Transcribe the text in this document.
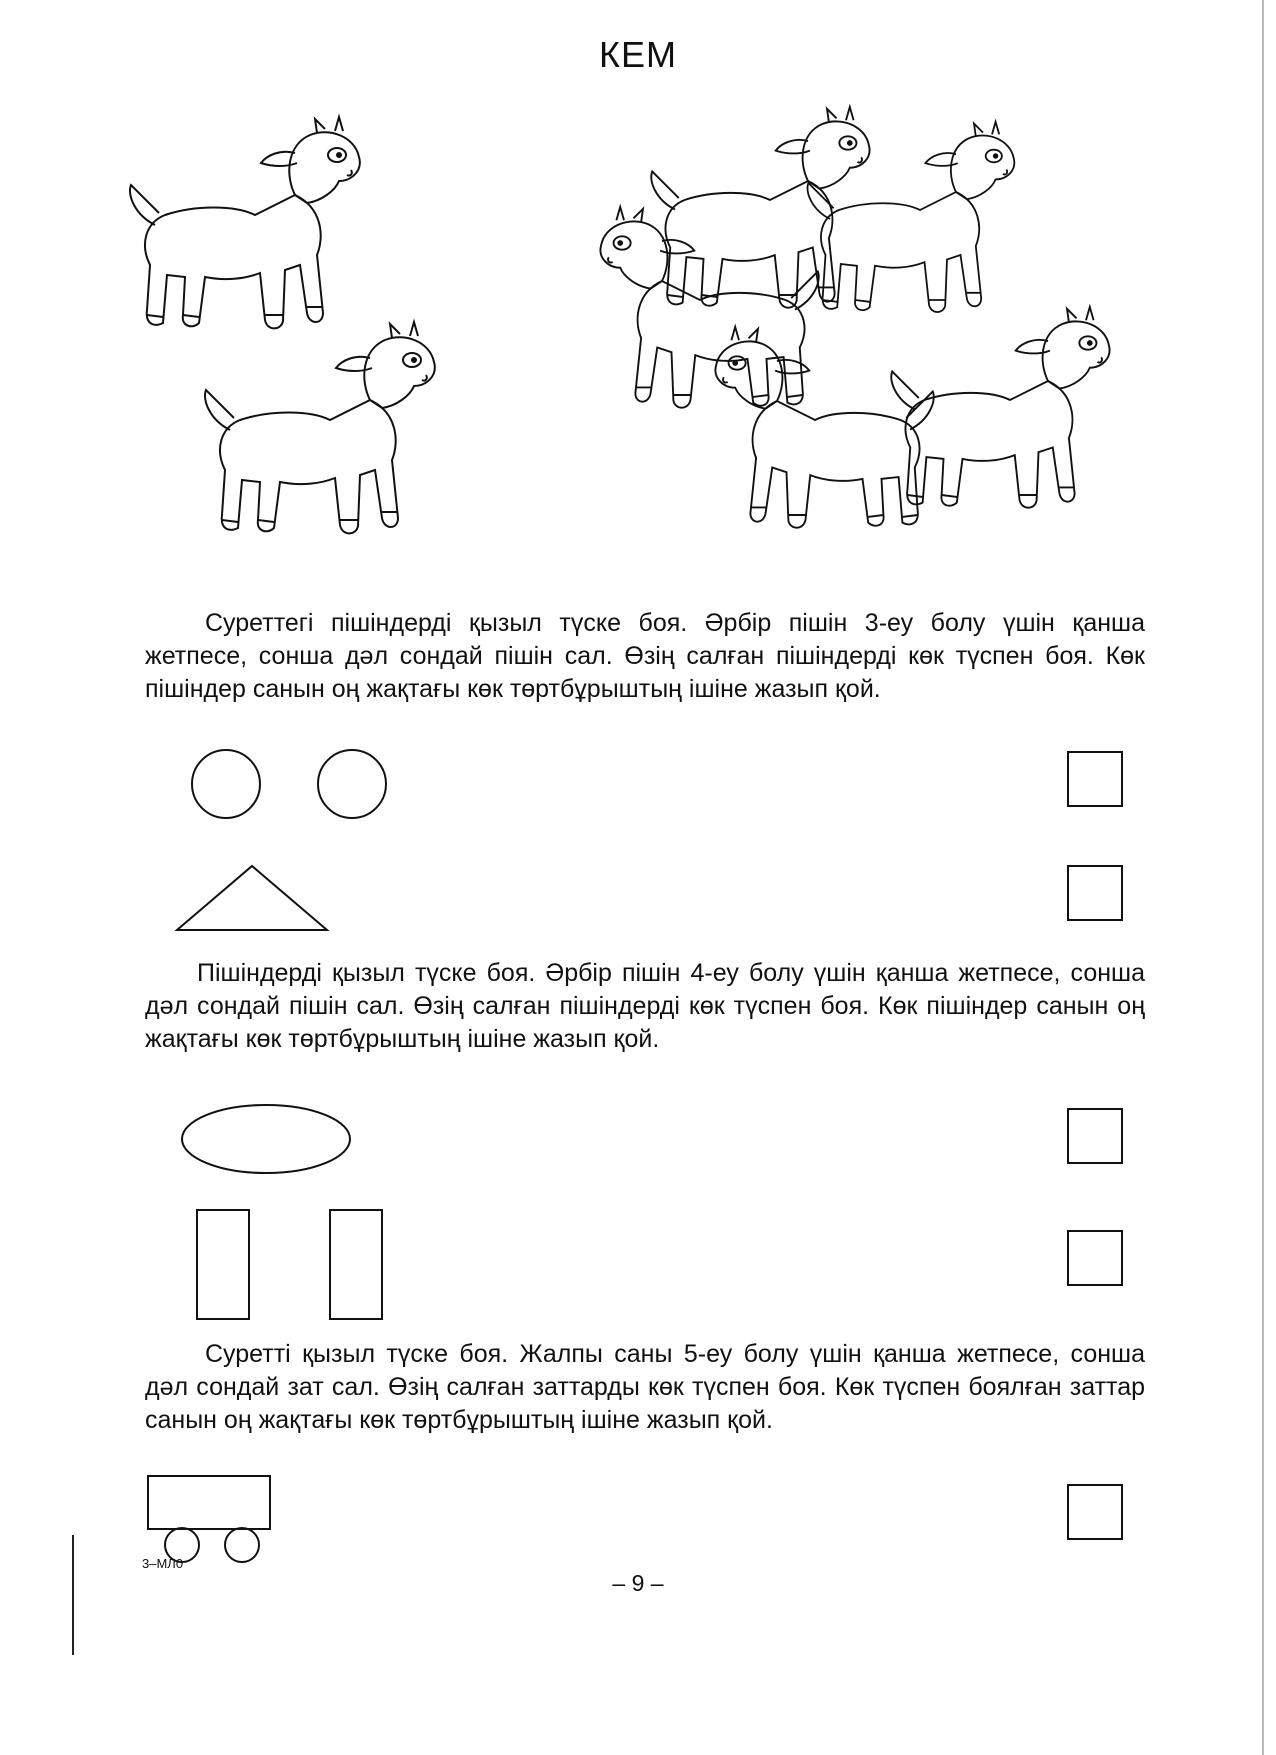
КЕМ
Суреттегі пішіндерді қызыл түске боя. Әрбір пішін 3-еу болу үшін қанша жетпесе, сонша дәл сондай пішін сал. Өзің салған пішіндерді көк түспен боя. Көк пішіндер санын оң жақтағы көк төртбұрыштың ішіне жазып қой.
Пішіндерді қызыл түске боя. Әрбір пішін 4-еу болу үшін қанша жетпесе, сонша дәл сондай пішін сал. Өзің салған пішіндерді көк түспен боя. Көк пішіндер санын оң жақтағы көк төртбұрыштың ішіне жазып қой.
Суретті қызыл түске боя. Жалпы саны 5-еу болу үшін қанша жетпесе, сонша дәл сондай зат сал. Өзің салған заттарды көк түспен боя. Көк түспен боялған заттар санын оң жақтағы көк төртбұрыштың ішіне жазып қой.
3–МЛ0
– 9 –
